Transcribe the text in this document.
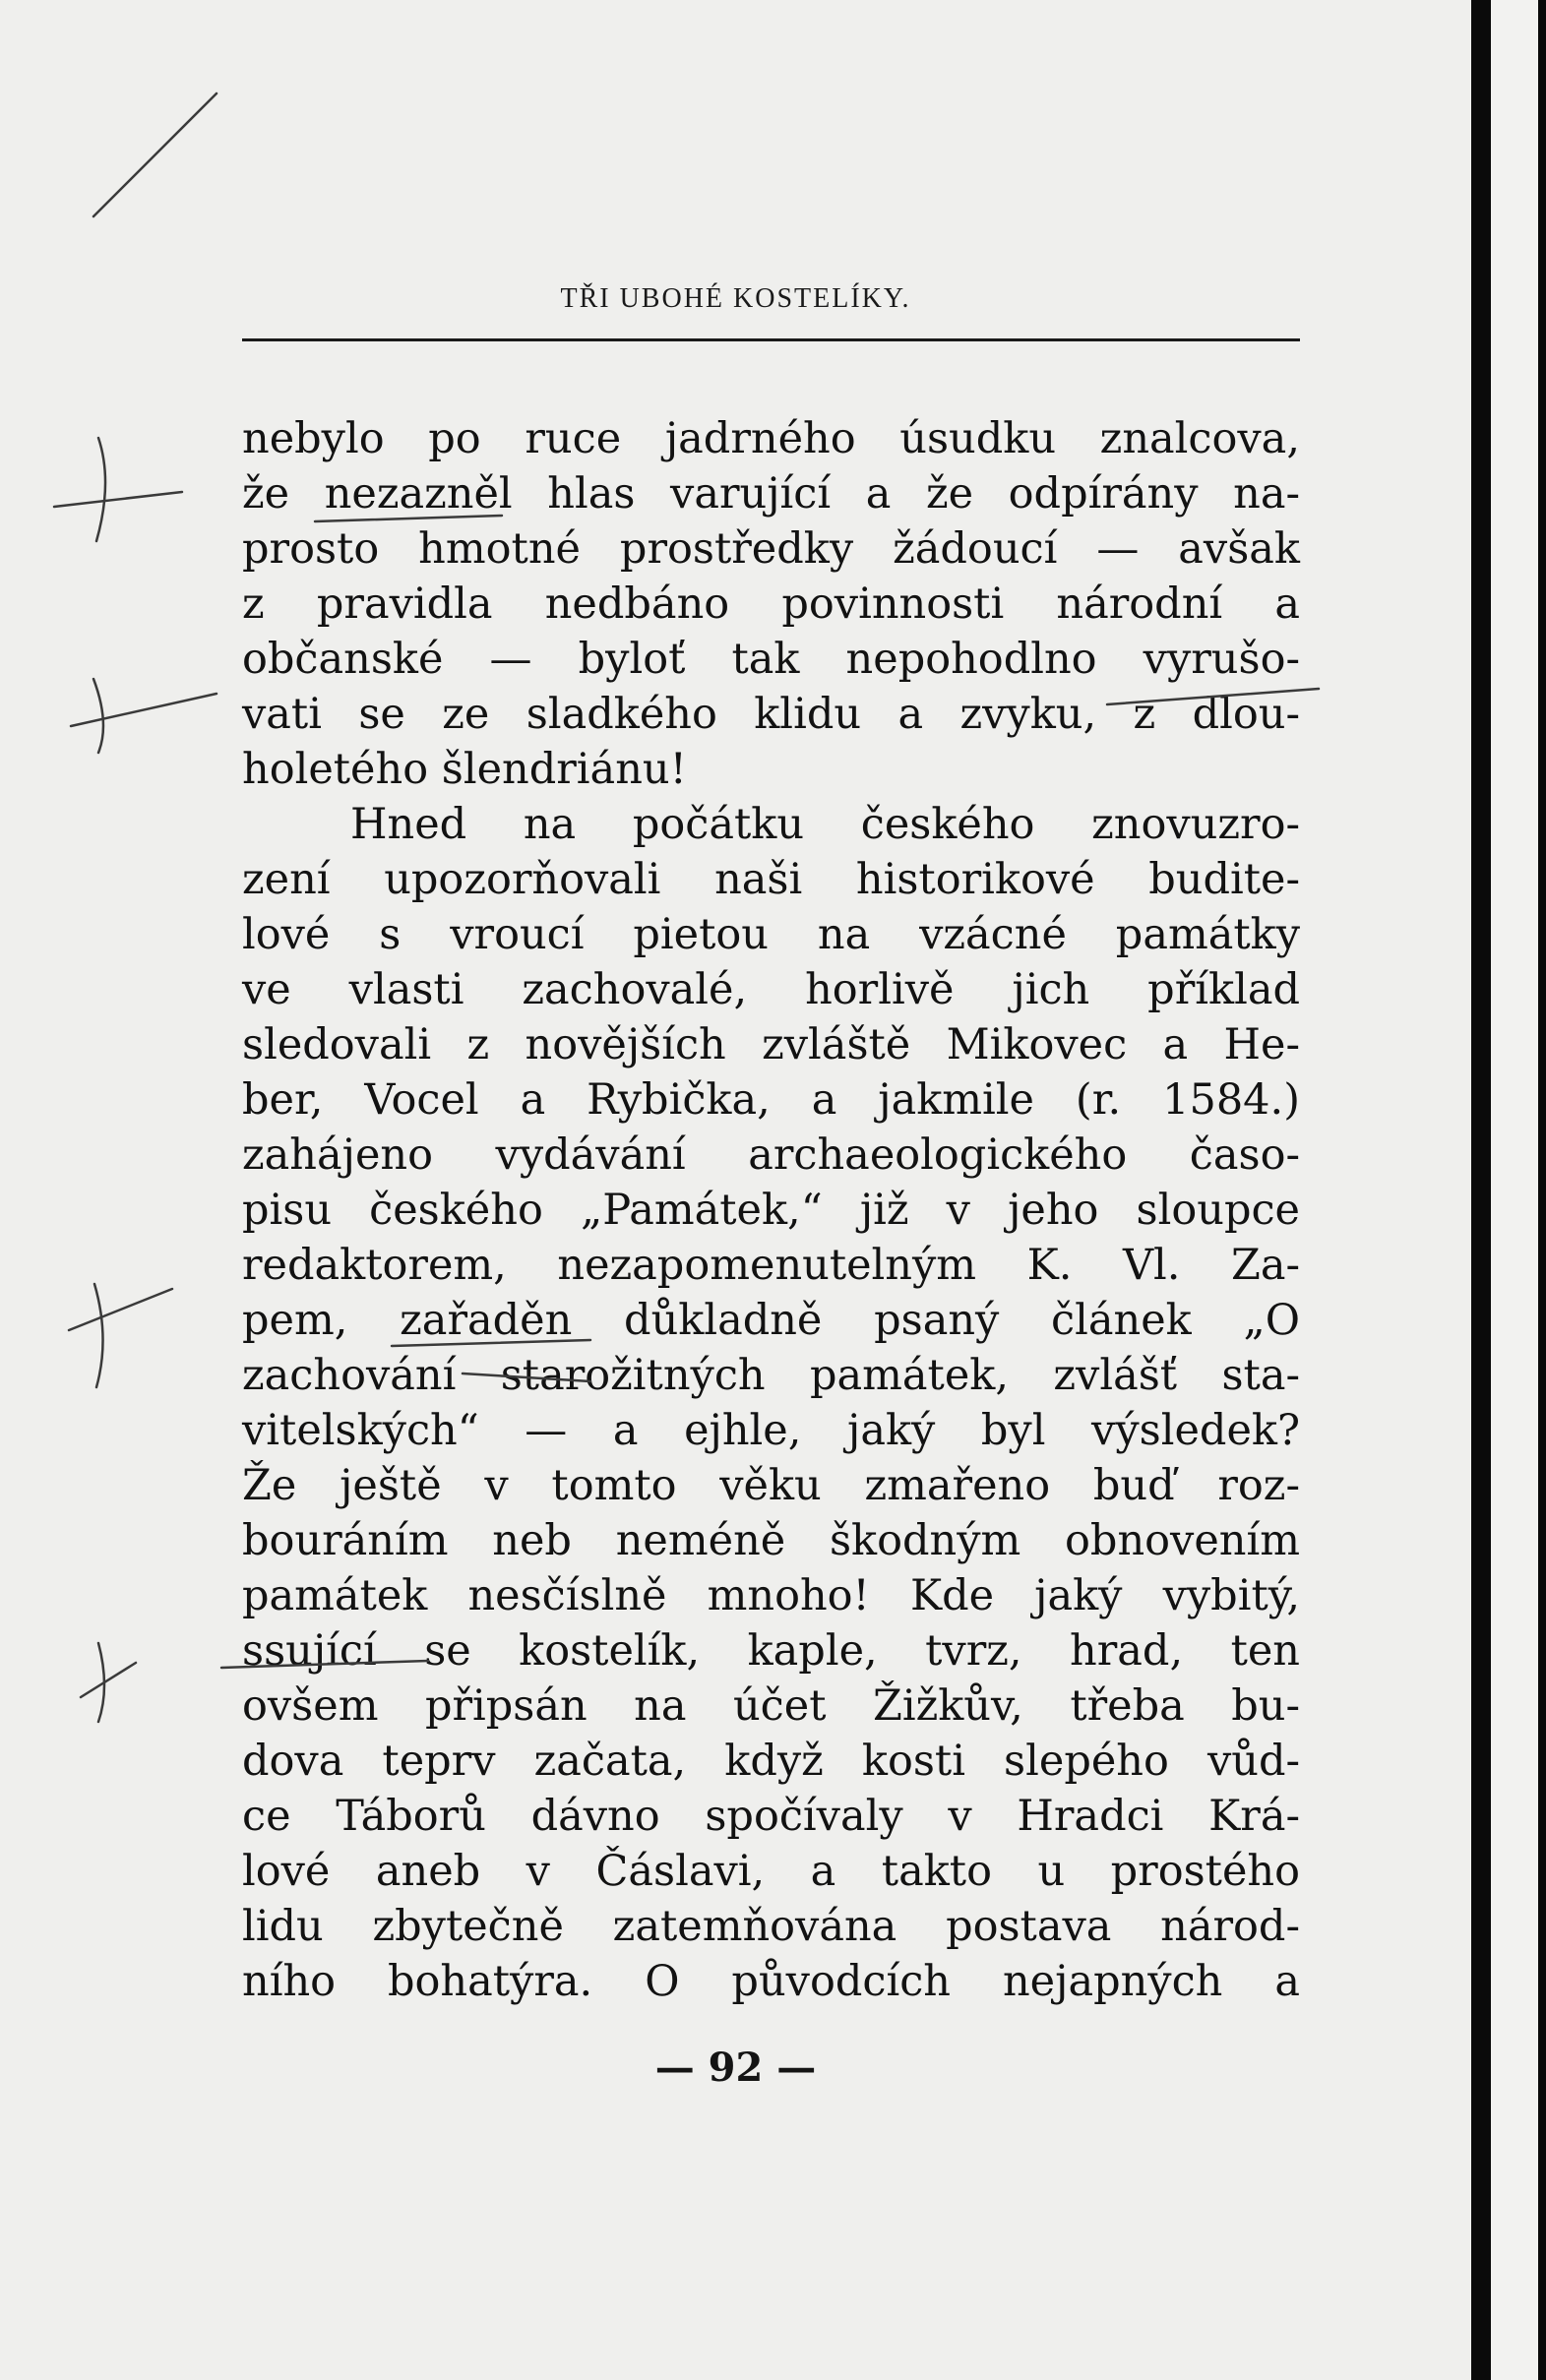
TŘI UBOHÉ KOSTELÍKY.
nebylo po ruce jadrného úsudku znalcova,
že nezazněl hlas varující a že odpírány na-
prosto hmotné prostředky žádoucí — avšak
z pravidla nedbáno povinnosti národní a
občanské — byloť tak nepohodlno vyrušo-
vati se ze sladkého klidu a zvyku, z dlou-
holetého šlendriánu!
Hned na počátku českého znovuzro-
zení upozorňovali naši historikové budite-
lové s vroucí pietou na vzácné památky
ve vlasti zachovalé, horlivě jich příklad
sledovali z novějších zvláště Mikovec a He-
ber, Vocel a Rybička, a jakmile (r. 1584.)
zahájeno vydávání archaeologického časo-
pisu českého „Památek,“ již v jeho sloupce
redaktorem, nezapomenutelným K. Vl. Za-
pem, zařaděn důkladně psaný článek „O
zachování starožitných památek, zvlášť sta-
vitelských“ — a ejhle, jaký byl výsledek?
Že ještě v tomto věku zmařeno buď roz-
bouráním neb neméně škodným obnovením
památek nesčíslně mnoho! Kde jaký vybitý,
ssující se kostelík, kaple, tvrz, hrad, ten
ovšem připsán na účet Žižkův, třeba bu-
dova teprv začata, když kosti slepého vůd-
ce Táborů dávno spočívaly v Hradci Krá-
lové aneb v Čáslavi, a takto u prostého
lidu zbytečně zatemňována postava národ-
ního bohatýra. O původcích nejapných a
— 92 —
